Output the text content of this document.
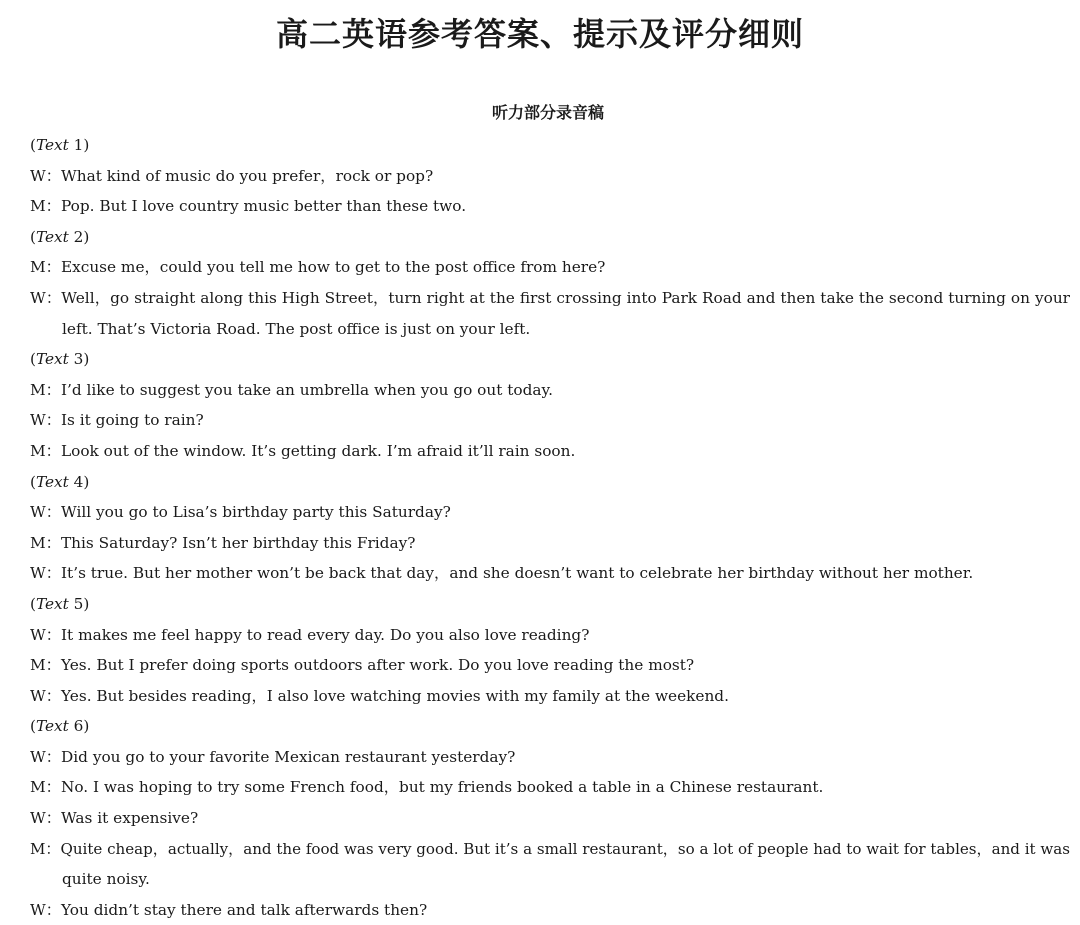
高二英语参考答案、提示及评分细则
听力部分录音稿
(Text 1)
W：What kind of music do you prefer，rock or pop?
M：Pop. But I love country music better than these two.
(Text 2)
M：Excuse me，could you tell me how to get to the post office from here?
W：Well，go straight along this High Street，turn right at the first crossing into Park Road and then take the second turning on your
left. That’s Victoria Road. The post office is just on your left.
(Text 3)
M：I’d like to suggest you take an umbrella when you go out today.
W：Is it going to rain?
M：Look out of the window. It’s getting dark. I’m afraid it’ll rain soon.
(Text 4)
W：Will you go to Lisa’s birthday party this Saturday?
M：This Saturday? Isn’t her birthday this Friday?
W：It’s true. But her mother won’t be back that day，and she doesn’t want to celebrate her birthday without her mother.
(Text 5)
W：It makes me feel happy to read every day. Do you also love reading?
M：Yes. But I prefer doing sports outdoors after work. Do you love reading the most?
W：Yes. But besides reading，I also love watching movies with my family at the weekend.
(Text 6)
W：Did you go to your favorite Mexican restaurant yesterday?
M：No. I was hoping to try some French food，but my friends booked a table in a Chinese restaurant.
W：Was it expensive?
M：Quite cheap，actually，and the food was very good. But it’s a small restaurant，so a lot of people had to wait for tables，and it was
quite noisy.
W：You didn’t stay there and talk afterwards then?
